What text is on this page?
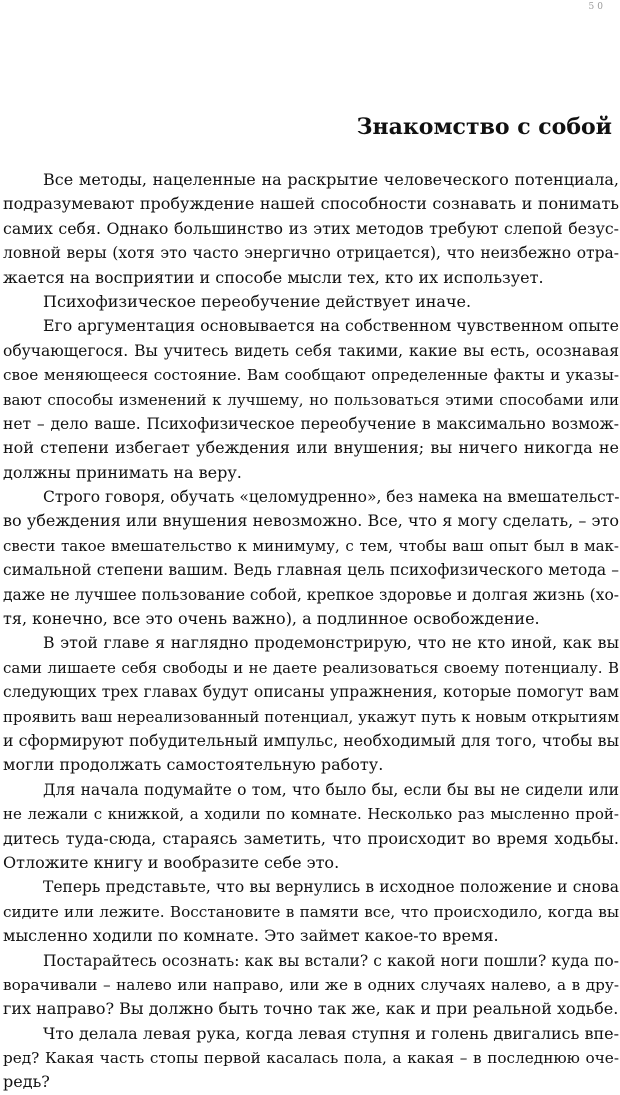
50
Знакомство с собой
Все методы, нацеленные на раскрытие человеческого потенциала,
подразумевают пробуждение нашей способности сознавать и понимать
самих себя. Однако большинство из этих методов требуют слепой безус-
ловной веры (хотя это часто энергично отрицается), что неизбежно отра-
жается на восприятии и способе мысли тех, кто их использует.
Психофизическое переобучение действует иначе.
Его аргументация основывается на собственном чувственном опыте
обучающегося. Вы учитесь видеть себя такими, какие вы есть, осознавая
свое меняющееся состояние. Вам сообщают определенные факты и указы-
вают способы изменений к лучшему, но пользоваться этими способами или
нет – дело ваше. Психофизическое переобучение в максимально возмож-
ной степени избегает убеждения или внушения; вы ничего никогда не
должны принимать на веру.
Строго говоря, обучать «целомудренно», без намека на вмешательст-
во убеждения или внушения невозможно. Все, что я могу сделать, – это
свести такое вмешательство к минимуму, с тем, чтобы ваш опыт был в мак-
симальной степени вашим. Ведь главная цель психофизического метода –
даже не лучшее пользование собой, крепкое здоровье и долгая жизнь (хо-
тя, конечно, все это очень важно), а подлинное освобождение.
В этой главе я наглядно продемонстрирую, что не кто иной, как вы
сами лишаете себя свободы и не даете реализоваться своему потенциалу. В
следующих трех главах будут описаны упражнения, которые помогут вам
проявить ваш нереализованный потенциал, укажут путь к новым открытиям
и сформируют побудительный импульс, необходимый для того, чтобы вы
могли продолжать самостоятельную работу.
Для начала подумайте о том, что было бы, если бы вы не сидели или
не лежали с книжкой, а ходили по комнате. Несколько раз мысленно прой-
дитесь туда-сюда, стараясь заметить, что происходит во время ходьбы.
Отложите книгу и вообразите себе это.
Теперь представьте, что вы вернулись в исходное положение и снова
сидите или лежите. Восстановите в памяти все, что происходило, когда вы
мысленно ходили по комнате. Это займет какое-то время.
Постарайтесь осознать: как вы встали? с какой ноги пошли? куда по-
ворачивали – налево или направо, или же в одних случаях налево, а в дру-
гих направо? Вы должно быть точно так же, как и при реальной ходьбе.
Что делала левая рука, когда левая ступня и голень двигались впе-
ред? Какая часть стопы первой касалась пола, а какая – в последнюю оче-
редь?
